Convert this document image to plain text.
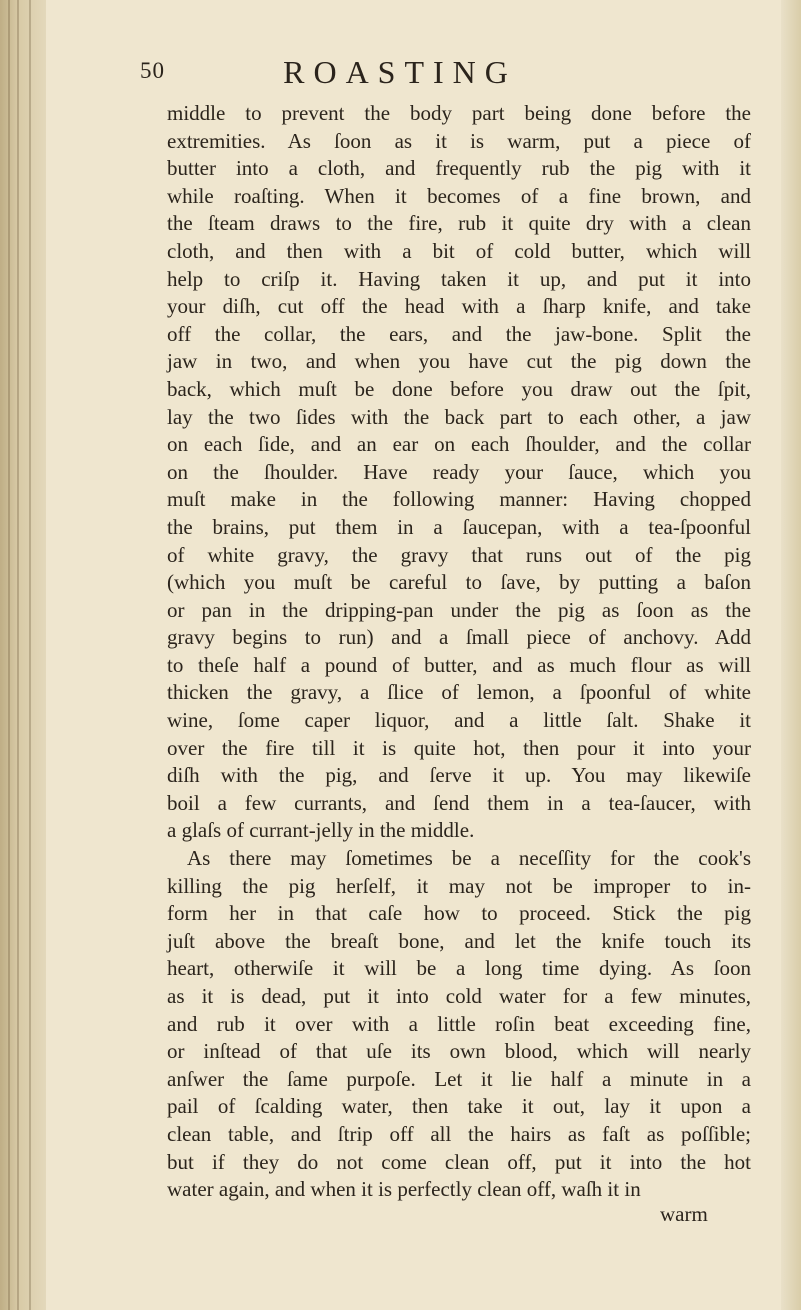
50	ROASTING
middle to prevent the body part being done before the
extremities. As ſoon as it is warm, put a piece of
butter into a cloth, and frequently rub the pig with it
while roaſting. When it becomes of a fine brown, and
the ſteam draws to the fire, rub it quite dry with a clean
cloth, and then with a bit of cold butter, which will
help to criſp it. Having taken it up, and put it into
your diſh, cut off the head with a ſharp knife, and take
off the collar, the ears, and the jaw-bone. Split the
jaw in two, and when you have cut the pig down the
back, which muſt be done before you draw out the ſpit,
lay the two ſides with the back part to each other, a jaw
on each ſide, and an ear on each ſhoulder, and the collar
on the ſhoulder. Have ready your ſauce, which you
muſt make in the following manner: Having chopped
the brains, put them in a ſaucepan, with a tea-ſpoonful
of white gravy, the gravy that runs out of the pig
(which you muſt be careful to ſave, by putting a baſon
or pan in the dripping-pan under the pig as ſoon as the
gravy begins to run) and a ſmall piece of anchovy. Add
to theſe half a pound of butter, and as much flour as will
thicken the gravy, a ſlice of lemon, a ſpoonful of white
wine, ſome caper liquor, and a little ſalt. Shake it
over the fire till it is quite hot, then pour it into your
diſh with the pig, and ſerve it up. You may likewiſe
boil a few currants, and ſend them in a tea-ſaucer, with
a glaſs of currant-jelly in the middle.
As there may ſometimes be a neceſſity for the cook's
killing the pig herſelf, it may not be improper to in-
form her in that caſe how to proceed. Stick the pig
juſt above the breaſt bone, and let the knife touch its
heart, otherwiſe it will be a long time dying. As ſoon
as it is dead, put it into cold water for a few minutes,
and rub it over with a little roſin beat exceeding fine,
or inſtead of that uſe its own blood, which will nearly
anſwer the ſame purpoſe. Let it lie half a minute in a
pail of ſcalding water, then take it out, lay it upon a
clean table, and ſtrip off all the hairs as faſt as poſſible;
but if they do not come clean off, put it into the hot
water again, and when it is perfectly clean off, waſh it in
warm
